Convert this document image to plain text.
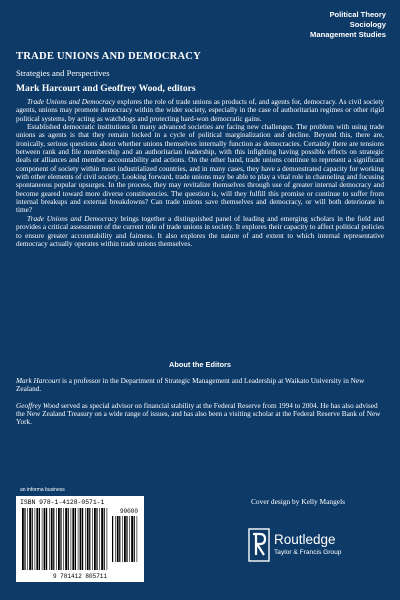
Political Theory
Sociology
Management Studies
TRADE UNIONS AND DEMOCRACY
Strategies and Perspectives
Mark Harcourt and Geoffrey Wood, editors

Trade Unions and Democracy explores the role of trade unions as products of, and agents for, democracy. As civil society agents, unions may promote democracy within the wider society, especially in the case of authoritarian regimes or other rigid political systems, by acting as watchdogs and protecting hard-won democratic gains.

Established democratic institutions in many advanced societies are facing new challenges. The problem with using trade unions as agents is that they remain locked in a cycle of political marginalization and decline. Beyond this, there are, ironically, serious questions about whether unions themselves internally function as democracies. Certainly there are tensions between rank and file membership and an authoritarian leadership, with this infighting having possible effects on strategic deals or alliances and member accountability and actions. On the other hand, trade unions continue to represent a significant component of society within most industrialized countries, and in many cases, they have a demonstrated capacity for working with other elements of civil society. Looking forward, trade unions may be able to play a vital role in channeling and focusing spontaneous popular upsurges. In the process, they may revitalize themselves through use of greater internal democracy and become geared toward more diverse constituencies. The question is, will they fulfill this promise or continue to suffer from internal breakups and external breakdowns? Can trade unions save themselves and democracy, or will both deteriorate in time?

Trade Unions and Democracy brings together a distinguished panel of leading and emerging scholars in the field and provides a critical assessment of the current role of trade unions in society. It explores their capacity to affect political policies to ensure greater accountability and fairness. It also explores the nature of and extent to which internal representative democracy actually operates within trade unions themselves.

About the Editors

Mark Harcourt is a professor in the Department of Strategic Management and Leadership at Waikato University in New Zealand.

Geoffrey Wood served as special advisor on financial stability at the Federal Reserve from 1994 to 2004. He has also advised the New Zealand Treasury on a wide range of issues, and has also been a visiting scholar at the Federal Reserve Bank of New York.

an informa business
ISBN 978-1-4128-0571-1
90000
9 781412 805711
Cover design by Kelly Mangels
Routledge
Taylor & Francis Group
